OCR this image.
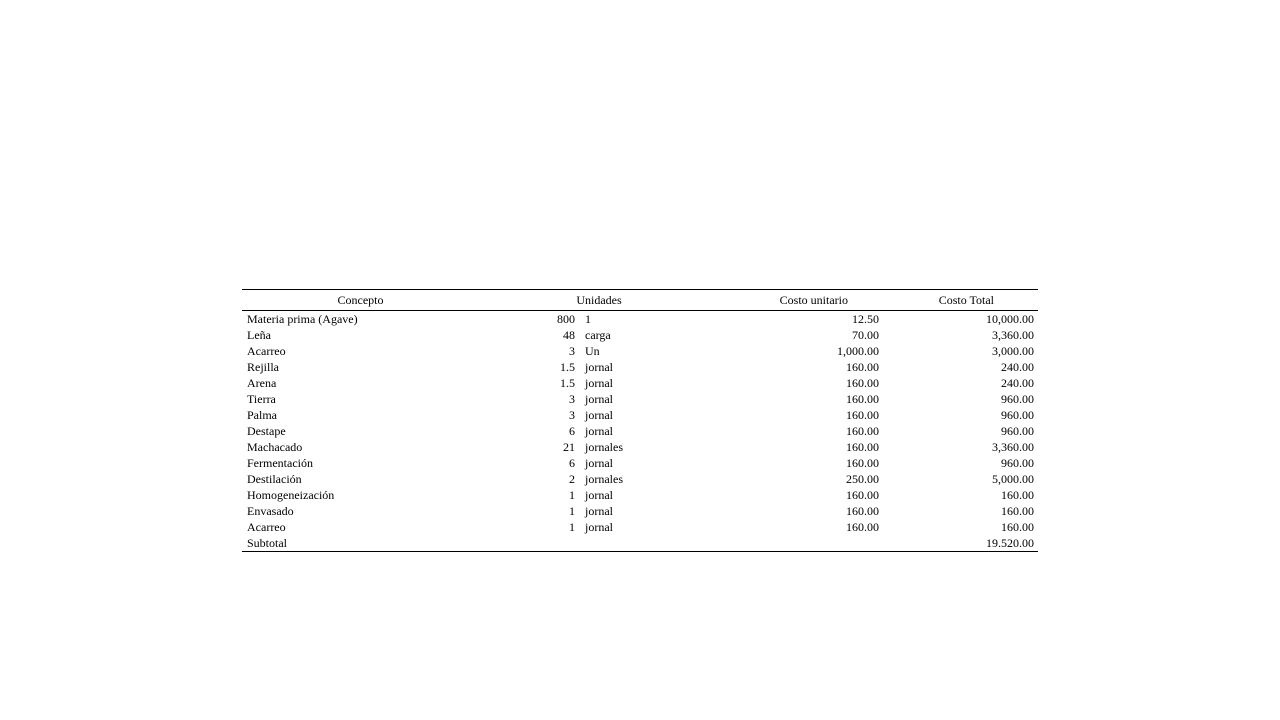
Concepto	Unidades		Costo unitario	Costo Total
Materia prima (Agave)	800	1	12.50	10,000.00
Leña	48	carga	70.00	3,360.00
Acarreo	3	Un	1,000.00	3,000.00
Rejilla	1.5	jornal	160.00	240.00
Arena	1.5	jornal	160.00	240.00
Tierra	3	jornal	160.00	960.00
Palma	3	jornal	160.00	960.00
Destape	6	jornal	160.00	960.00
Machacado	21	jornales	160.00	3,360.00
Fermentación	6	jornal	160.00	960.00
Destilación	2	jornales	250.00	5,000.00
Homogeneización	1	jornal	160.00	160.00
Envasado	1	jornal	160.00	160.00
Acarreo	1	jornal	160.00	160.00
Subtotal				19.520.00
